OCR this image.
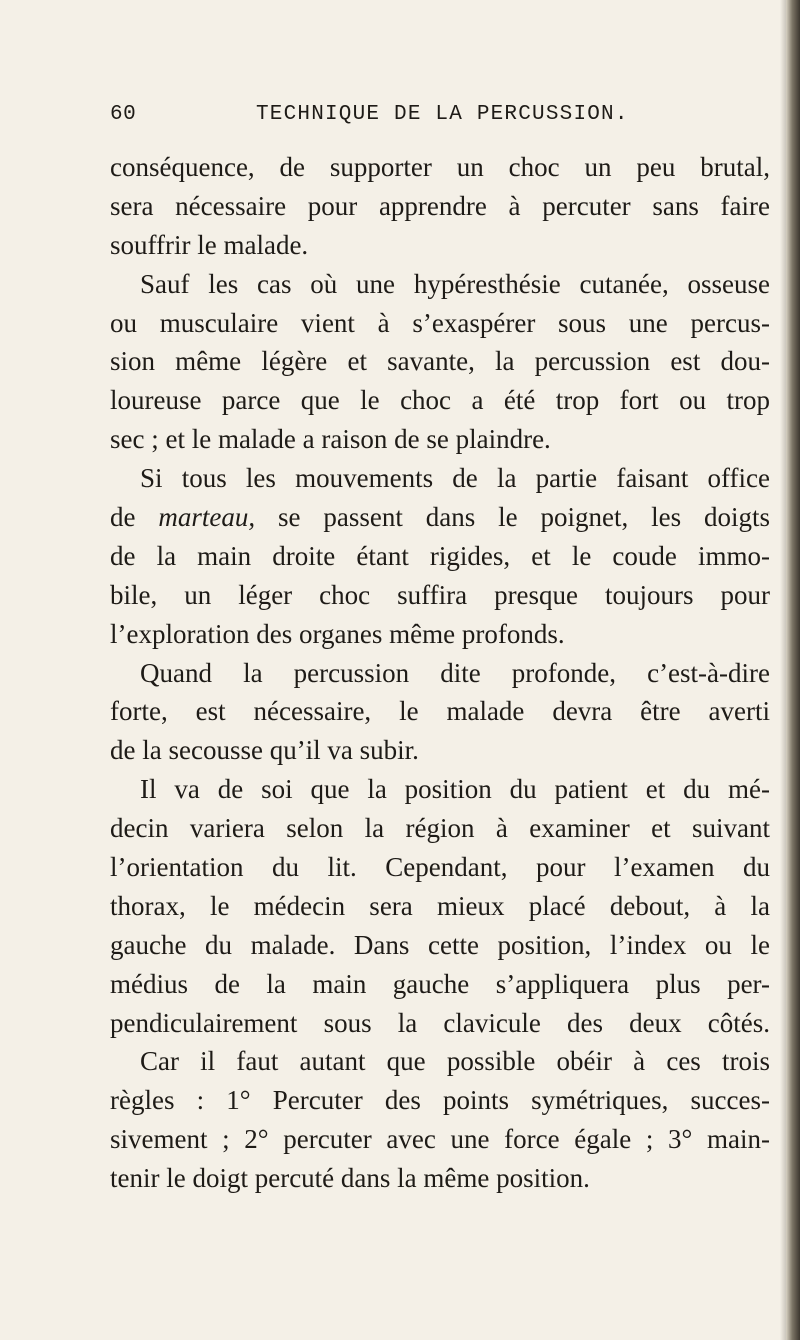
60	TECHNIQUE DE LA PERCUSSION.
conséquence, de supporter un choc un peu brutal,
sera nécessaire pour apprendre à percuter sans faire
souffrir le malade.
Sauf les cas où une hypéresthésie cutanée, osseuse
ou musculaire vient à s’exaspérer sous une percus-
sion même légère et savante, la percussion est dou-
loureuse parce que le choc a été trop fort ou trop
sec ; et le malade a raison de se plaindre.
Si tous les mouvements de la partie faisant office
de marteau, se passent dans le poignet, les doigts
de la main droite étant rigides, et le coude immo-
bile, un léger choc suffira presque toujours pour
l’exploration des organes même profonds.
Quand la percussion dite profonde, c’est-à-dire
forte, est nécessaire, le malade devra être averti
de la secousse qu’il va subir.
Il va de soi que la position du patient et du mé-
decin variera selon la région à examiner et suivant
l’orientation du lit. Cependant, pour l’examen du
thorax, le médecin sera mieux placé debout, à la
gauche du malade. Dans cette position, l’index ou le
médius de la main gauche s’appliquera plus per-
pendiculairement sous la clavicule des deux côtés.
Car il faut autant que possible obéir à ces trois
règles : 1° Percuter des points symétriques, succes-
sivement ; 2° percuter avec une force égale ; 3° main-
tenir le doigt percuté dans la même position.
